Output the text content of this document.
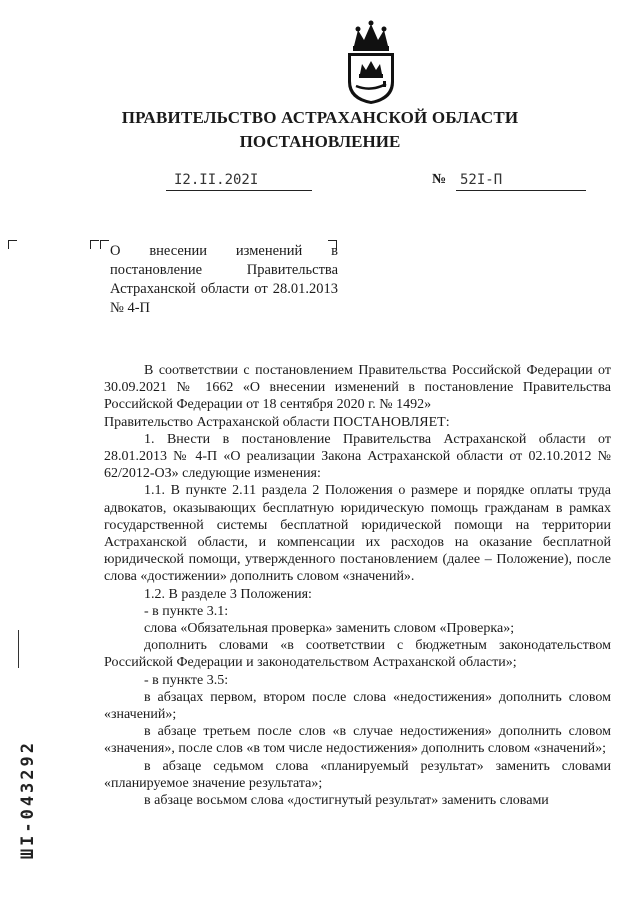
ПРАВИТЕЛЬСТВО АСТРАХАНСКОЙ ОБЛАСТИ
ПОСТАНОВЛЕНИЕ
I2.II.202I	№ 52I-П
О внесении изменений в постановление Правительства Астраханской области от 28.01.2013 № 4-П

В соответствии с постановлением Правительства Российской Федерации от 30.09.2021 № 1662 «О внесении изменений в постановление Правительства Российской Федерации от 18 сентября 2020 г. № 1492»

Правительство Астраханской области ПОСТАНОВЛЯЕТ:

1. Внести в постановление Правительства Астраханской области от 28.01.2013 № 4-П «О реализации Закона Астраханской области от 02.10.2012 № 62/2012-ОЗ» следующие изменения:

1.1. В пункте 2.11 раздела 2 Положения о размере и порядке оплаты труда адвокатов, оказывающих бесплатную юридическую помощь гражданам в рамках государственной системы бесплатной юридической помощи на территории Астраханской области, и компенсации их расходов на оказание бесплатной юридической помощи, утвержденного постановлением (далее – Положение), после слова «достижении» дополнить словом «значений».

1.2. В разделе 3 Положения:

- в пункте 3.1:

слова «Обязательная проверка» заменить словом «Проверка»;

дополнить словами «в соответствии с бюджетным законодательством Российской Федерации и законодательством Астраханской области»;

- в пункте 3.5:

в абзацах первом, втором после слова «недостижения» дополнить словом «значений»;

в абзаце третьем после слов «в случае недостижения» дополнить словом «значения», после слов «в том числе недостижения» дополнить словом «значений»;

в абзаце седьмом слова «планируемый результат» заменить словами «планируемое значение результата»;

в абзаце восьмом слова «достигнутый результат» заменить словами

ШI-043292
